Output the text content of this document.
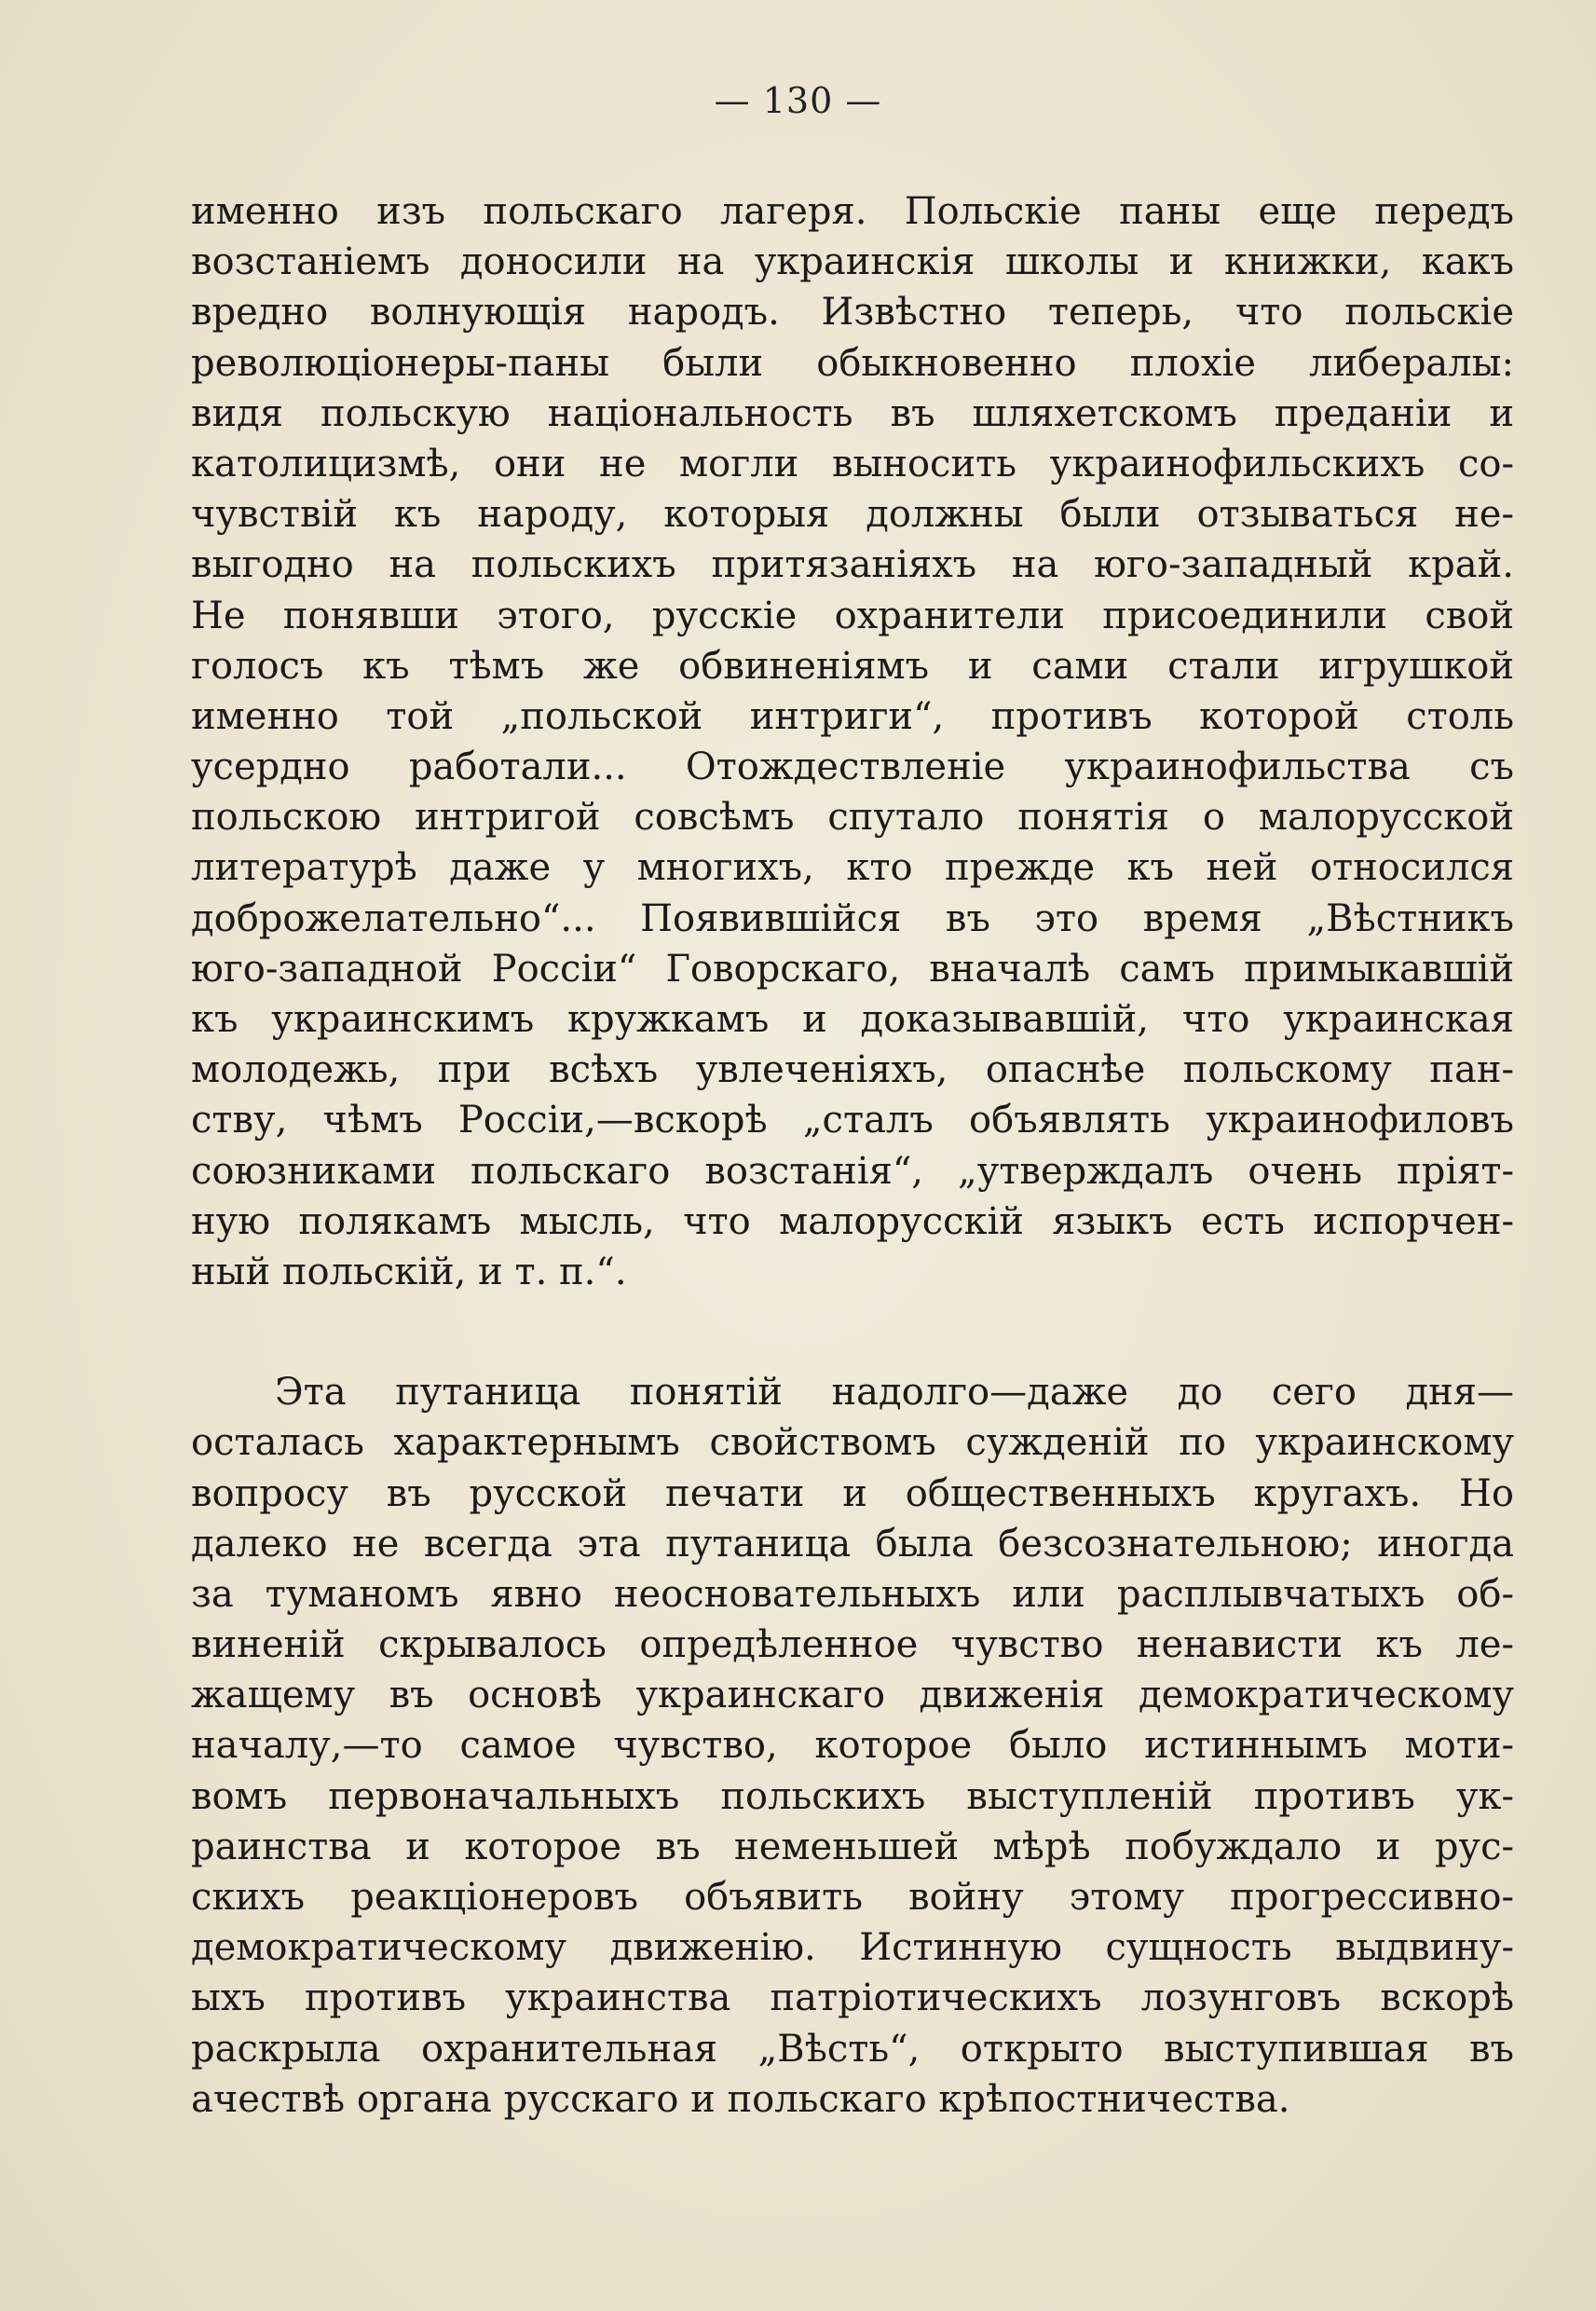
— 130 —
именно изъ польскаго лагеря. Польскіе паны еще передъ
возстаніемъ доносили на украинскія школы и книжки, какъ
вредно волнующія народъ. Извѣстно теперь, что польскіе
революціонеры-паны были обыкновенно плохіе либералы:
видя польскую національность въ шляхетскомъ преданіи и
католицизмѣ, они не могли выносить украинофильскихъ со-
чувствій къ народу, которыя должны были отзываться не-
выгодно на польскихъ притязаніяхъ на юго-западный край.
Не понявши этого, русскіе охранители присоединили свой
голосъ къ тѣмъ же обвиненіямъ и сами стали игрушкой
именно той „польской интриги“, противъ которой столь
усердно работали... Отождествленіе украинофильства съ
польскою интригой совсѣмъ спутало понятія о малорусской
литературѣ даже у многихъ, кто прежде къ ней относился
доброжелательно“... Появившійся въ это время „Вѣстникъ
юго-западной Россіи“ Говорскаго, вначалѣ самъ примыкавшій
къ украинскимъ кружкамъ и доказывавшій, что украинская
молодежь, при всѣхъ увлеченіяхъ, опаснѣе польскому пан-
ству, чѣмъ Россіи,—вскорѣ „сталъ объявлять украинофиловъ
союзниками польскаго возстанія“, „утверждалъ очень пріят-
ную полякамъ мысль, что малорусскій языкъ есть испорчен-
ный польскій, и т. п.“.
Эта путаница понятій надолго—даже до сего дня—
осталась характернымъ свойствомъ сужденій по украинскому
вопросу въ русской печати и общественныхъ кругахъ. Но
далеко не всегда эта путаница была безсознательною; иногда
за туманомъ явно неосновательныхъ или расплывчатыхъ об-
виненій скрывалось опредѣленное чувство ненависти къ ле-
жащему въ основѣ украинскаго движенія демократическому
началу,—то самое чувство, которое было истиннымъ моти-
вомъ первоначальныхъ польскихъ выступленій противъ ук-
раинства и которое въ неменьшей мѣрѣ побуждало и рус-
скихъ реакціонеровъ объявить войну этому прогрессивно-
демократическому движенію. Истинную сущность выдвину-
ыхъ противъ украинства патріотическихъ лозунговъ вскорѣ
раскрыла охранительная „Вѣсть“, открыто выступившая въ
ачествѣ органа русскаго и польскаго крѣпостничества.
